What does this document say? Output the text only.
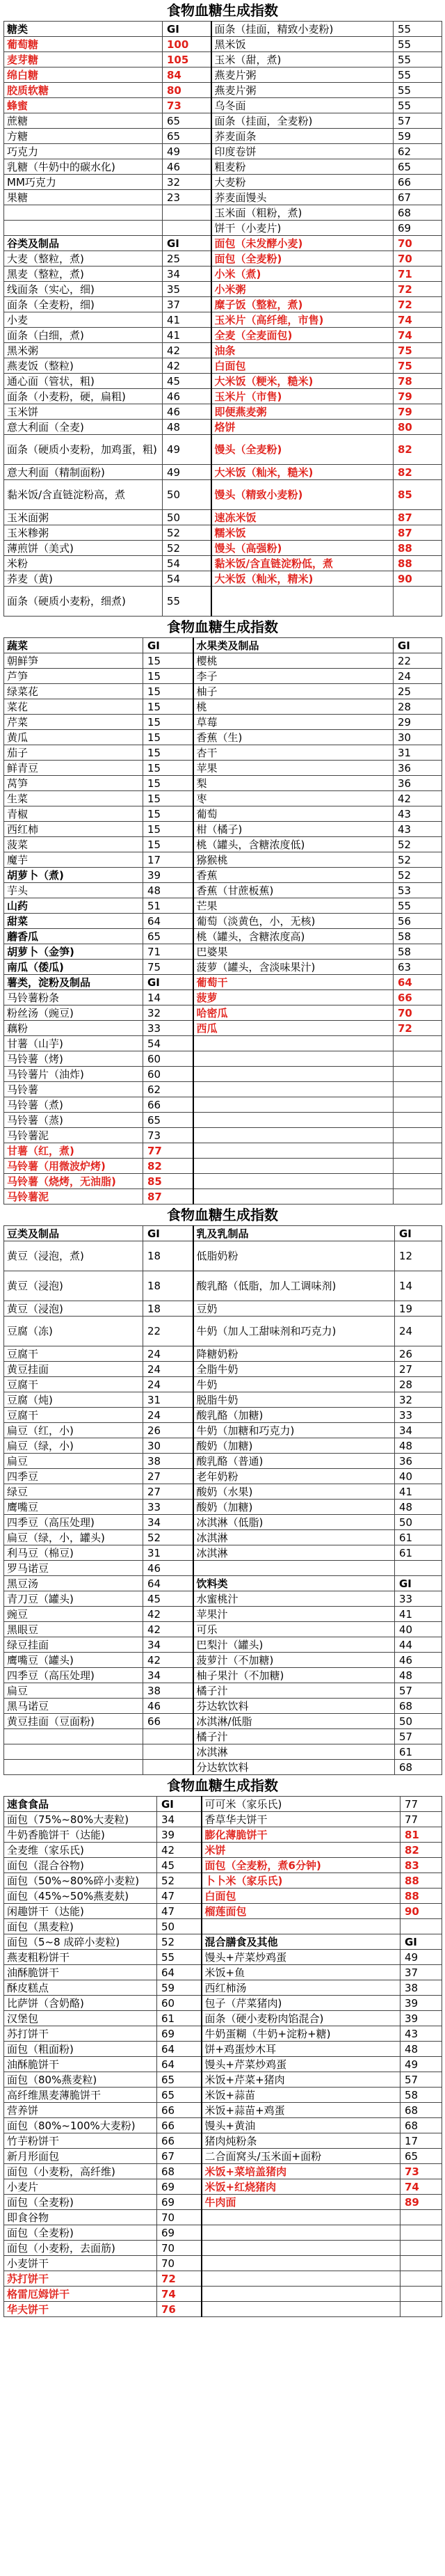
食物血糖生成指数
糖类	GI	面条（挂面，精致小麦粉)	55
葡萄糖	100	黑米饭	55
麦芽糖	105	玉米（甜，煮)	55
绵白糖	84	燕麦片粥	55
胶质软糖	80	燕麦片粥	55
蜂蜜	73	乌冬面	55
蔗糖	65	面条（挂面，全麦粉)	57
方糖	65	荞麦面条	59
巧克力	49	印度卷饼	62
乳糖（牛奶中的碳水化)	46	粗麦粉	65
MM巧克力	32	大麦粉	66
果糖	23	荞麦面馒头	67
		玉米面（粗粉，煮)	68
		饼干（小麦片)	69
谷类及制品	GI	面包（未发酵小麦)	70
大麦（整粒，煮)	25	面包（全麦粉)	70
黑麦（整粒，煮)	34	小米（煮)	71
线面条（实心，细)	35	小米粥	72
面条（全麦粉，细)	37	糜子饭（整粒，煮)	72
小麦	41	玉米片（高纤维，市售)	74
面条（白细，煮)	41	全麦（全麦面包)	74
黑米粥	42	油条	75
燕麦饭（整粒)	42	白面包	75
通心面（管状，粗)	45	大米饭（粳米，糙米)	78
面条（小麦粉，硬，扁粗)	46	玉米片（市售)	79
玉米饼	46	即便燕麦粥	79
意大利面（全麦)	48	烙饼	80
面条（硬质小麦粉，加鸡蛋，粗)	49	馒头（全麦粉)	82
意大利面（精制面粉)	49	大米饭（籼米，糙米)	82
黏米饭/含直链淀粉高，煮	50	馒头（精致小麦粉)	85
玉米面粥	50	速冻米饭	87
玉米糁粥	52	糯米饭	87
薄煎饼（美式)	52	馒头（高强粉)	88
米粉	54	黏米饭/含直链淀粉低，煮	88
荞麦（黄)	54	大米饭（籼米，精米)	90
面条（硬质小麦粉，细煮)	55		
食物血糖生成指数
蔬菜	GI	水果类及制品	GI
朝鲜笋	15	樱桃	22
芦笋	15	李子	24
绿菜花	15	柚子	25
菜花	15	桃	28
芹菜	15	草莓	29
黄瓜	15	香蕉（生)	30
茄子	15	杏干	31
鲜青豆	15	苹果	36
莴笋	15	梨	36
生菜	15	枣	42
青椒	15	葡萄	43
西红柿	15	柑（橘子)	43
菠菜	15	桃（罐头，含糖浓度低)	52
魔芋	17	猕猴桃	52
胡萝卜（煮)	39	香蕉	52
芋头	48	香蕉（甘蔗板蕉)	53
山药	51	芒果	55
甜菜	64	葡萄（淡黄色，小，无核)	56
蘑香瓜	65	桃（罐头，含糖浓度高)	58
胡萝卜（金笋)	71	巴婆果	58
南瓜（倭瓜)	75	菠萝（罐头，含淡味果汁)	63
薯类，淀粉及制品	GI	葡萄干	64
马铃薯粉条	14	菠萝	66
粉丝汤（豌豆)	32	哈密瓜	70
藕粉	33	西瓜	72
甘薯（山芋)	54		
马铃薯（烤)	60		
马铃薯片（油炸)	60		
马铃薯	62		
马铃薯（煮)	66		
马铃薯（蒸)	65		
马铃薯泥	73		
甘薯（红，煮)	77		
马铃薯（用微波炉烤)	82		
马铃薯（烧烤，无油脂)	85		
马铃薯泥	87		
食物血糖生成指数
豆类及制品	GI	乳及乳制品	GI
黄豆（浸泡，煮)	18	低脂奶粉	12
黄豆（浸泡)	18	酸乳酪（低脂，加人工调味剂)	14
黄豆（浸泡)	18	豆奶	19
豆腐（冻)	22	牛奶（加人工甜味剂和巧克力)	24
豆腐干	24	降糖奶粉	26
黄豆挂面	24	全脂牛奶	27
豆腐干	24	牛奶	28
豆腐（炖)	31	脱脂牛奶	32
豆腐干	24	酸乳酪（加糖)	33
扁豆（红，小)	26	牛奶（加糖和巧克力)	34
扁豆（绿，小)	30	酸奶（加糖)	48
扁豆	38	酸乳酪（普通)	36
四季豆	27	老年奶粉	40
绿豆	27	酸奶（水果)	41
鹰嘴豆	33	酸奶（加糖)	48
四季豆（高压处理)	34	冰淇淋（低脂)	50
扁豆（绿，小，罐头)	52	冰淇淋	61
利马豆（棉豆)	31	冰淇淋	61
罗马诺豆	46		
黑豆汤	64	饮料类	GI
青刀豆（罐头)	45	水蜜桃汁	33
豌豆	42	苹果汁	41
黑眼豆	42	可乐	40
绿豆挂面	34	巴梨汁（罐头)	44
鹰嘴豆（罐头)	42	菠萝汁（不加糖)	46
四季豆（高压处理)	34	柚子果汁（不加糖)	48
扁豆	38	橘子汁	57
黑马诺豆	46	芬达软饮料	68
黄豆挂面（豆面粉)	66	冰淇淋/低脂	50
		橘子汁	57
		冰淇淋	61
		分达软饮料	68
食物血糖生成指数
速食食品	GI	可可米（家乐氏)	77
面包（75%~80%大麦粒)	34	香草华夫饼干	77
牛奶香脆饼干（达能)	39	膨化薄脆饼干	81
全麦维（家乐氏)	42	米饼	82
面包（混合谷物)	45	面包（全麦粉，煮6分钟)	83
面包（50%~80%碎小麦粒)	52	卜卜米（家乐氏)	88
面包（45%~50%燕麦麸)	47	白面包	88
闲趣饼干（达能)	47	榴莲面包	90
面包（黑麦粒)	50		
面包（5~8 成碎小麦粒)	52	混合膳食及其他	GI
燕麦粗粉饼干	55	馒头+芹菜炒鸡蛋	49
油酥脆饼干	64	米饭+鱼	37
酥皮糕点	59	西红柿汤	38
比萨饼（含奶酪)	60	包子（芹菜猪肉)	39
汉堡包	61	面条（硬小麦粉肉馅混合)	39
苏打饼干	69	牛奶蛋糊（牛奶+淀粉+糖)	43
面包（粗面粉)	64	饼+鸡蛋炒木耳	48
油酥脆饼干	64	馒头+芹菜炒鸡蛋	49
面包（80%燕麦粒)	65	米饭+芹菜+猪肉	57
高纤维黑麦薄脆饼干	65	米饭+蒜苗	58
营养饼	66	米饭+蒜苗+鸡蛋	68
面包（80%~100%大麦粉)	66	馒头+黄油	68
竹芋粉饼干	66	猪肉炖粉条	17
新月形面包	67	二合面窝头/玉米面+面粉	65
面包（小麦粉，高纤维)	68	米饭+菜培盖猪肉	73
小麦片	69	米饭+红烧猪肉	74
面包（全麦粉)	69	牛肉面	89
即食谷物	70		
面包（全麦粉)	69		
面包（小麦粉，去面筋)	70		
小麦饼干	70		
苏打饼干	72		
格雷厄姆饼干	74		
华夫饼干	76		
